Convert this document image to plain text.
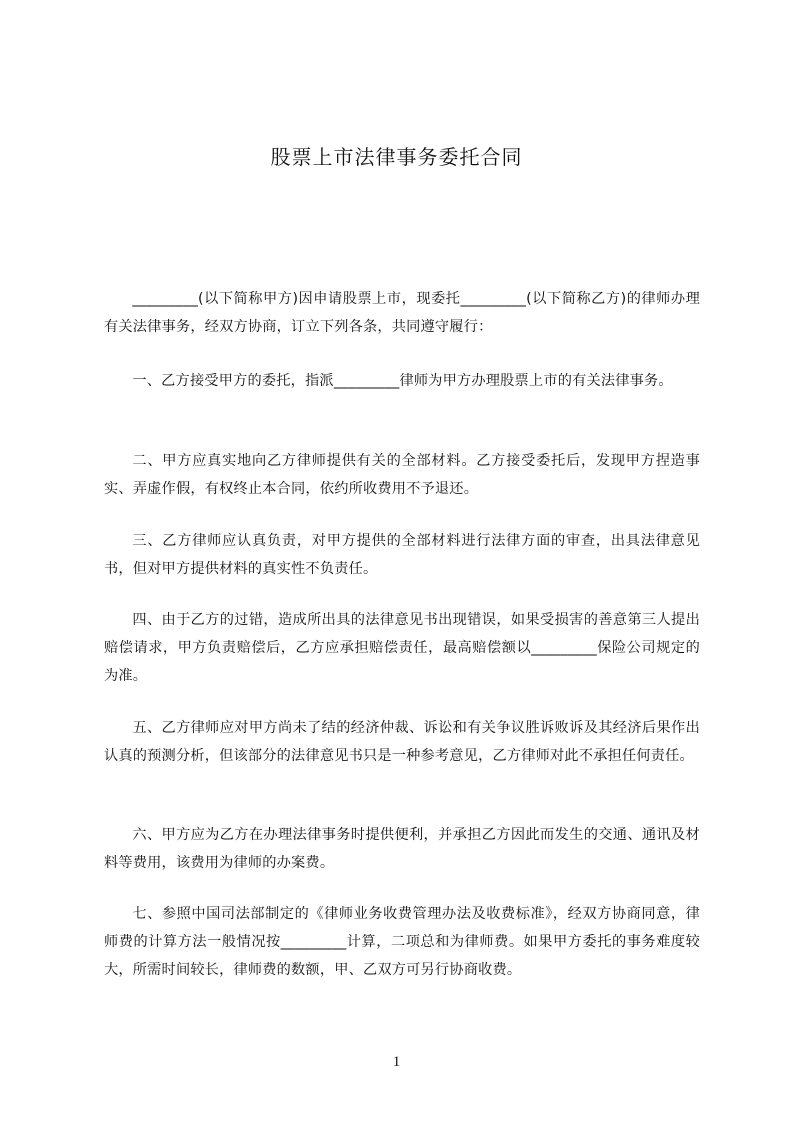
股票上市法律事务委托合同

_________(以下简称甲方)因申请股票上市，现委托_________(以下简称乙方)的律师办理有关法律事务，经双方协商，订立下列各条，共同遵守履行：

一、乙方接受甲方的委托，指派_________律师为甲方办理股票上市的有关法律事务。

二、甲方应真实地向乙方律师提供有关的全部材料。乙方接受委托后，发现甲方捏造事实、弄虚作假，有权终止本合同，依约所收费用不予退还。

三、乙方律师应认真负责，对甲方提供的全部材料进行法律方面的审查，出具法律意见书，但对甲方提供材料的真实性不负责任。

四、由于乙方的过错，造成所出具的法律意见书出现错误，如果受损害的善意第三人提出赔偿请求，甲方负责赔偿后，乙方应承担赔偿责任，最高赔偿额以_________保险公司规定的为准。

五、乙方律师应对甲方尚未了结的经济仲裁、诉讼和有关争议胜诉败诉及其经济后果作出认真的预测分析，但该部分的法律意见书只是一种参考意见，乙方律师对此不承担任何责任。

六、甲方应为乙方在办理法律事务时提供便利，并承担乙方因此而发生的交通、通讯及材料等费用，该费用为律师的办案费。

七、参照中国司法部制定的《律师业务收费管理办法及收费标准》，经双方协商同意，律师费的计算方法一般情况按_________计算，二项总和为律师费。如果甲方委托的事务难度较大，所需时间较长，律师费的数额，甲、乙双方可另行协商收费。

1
